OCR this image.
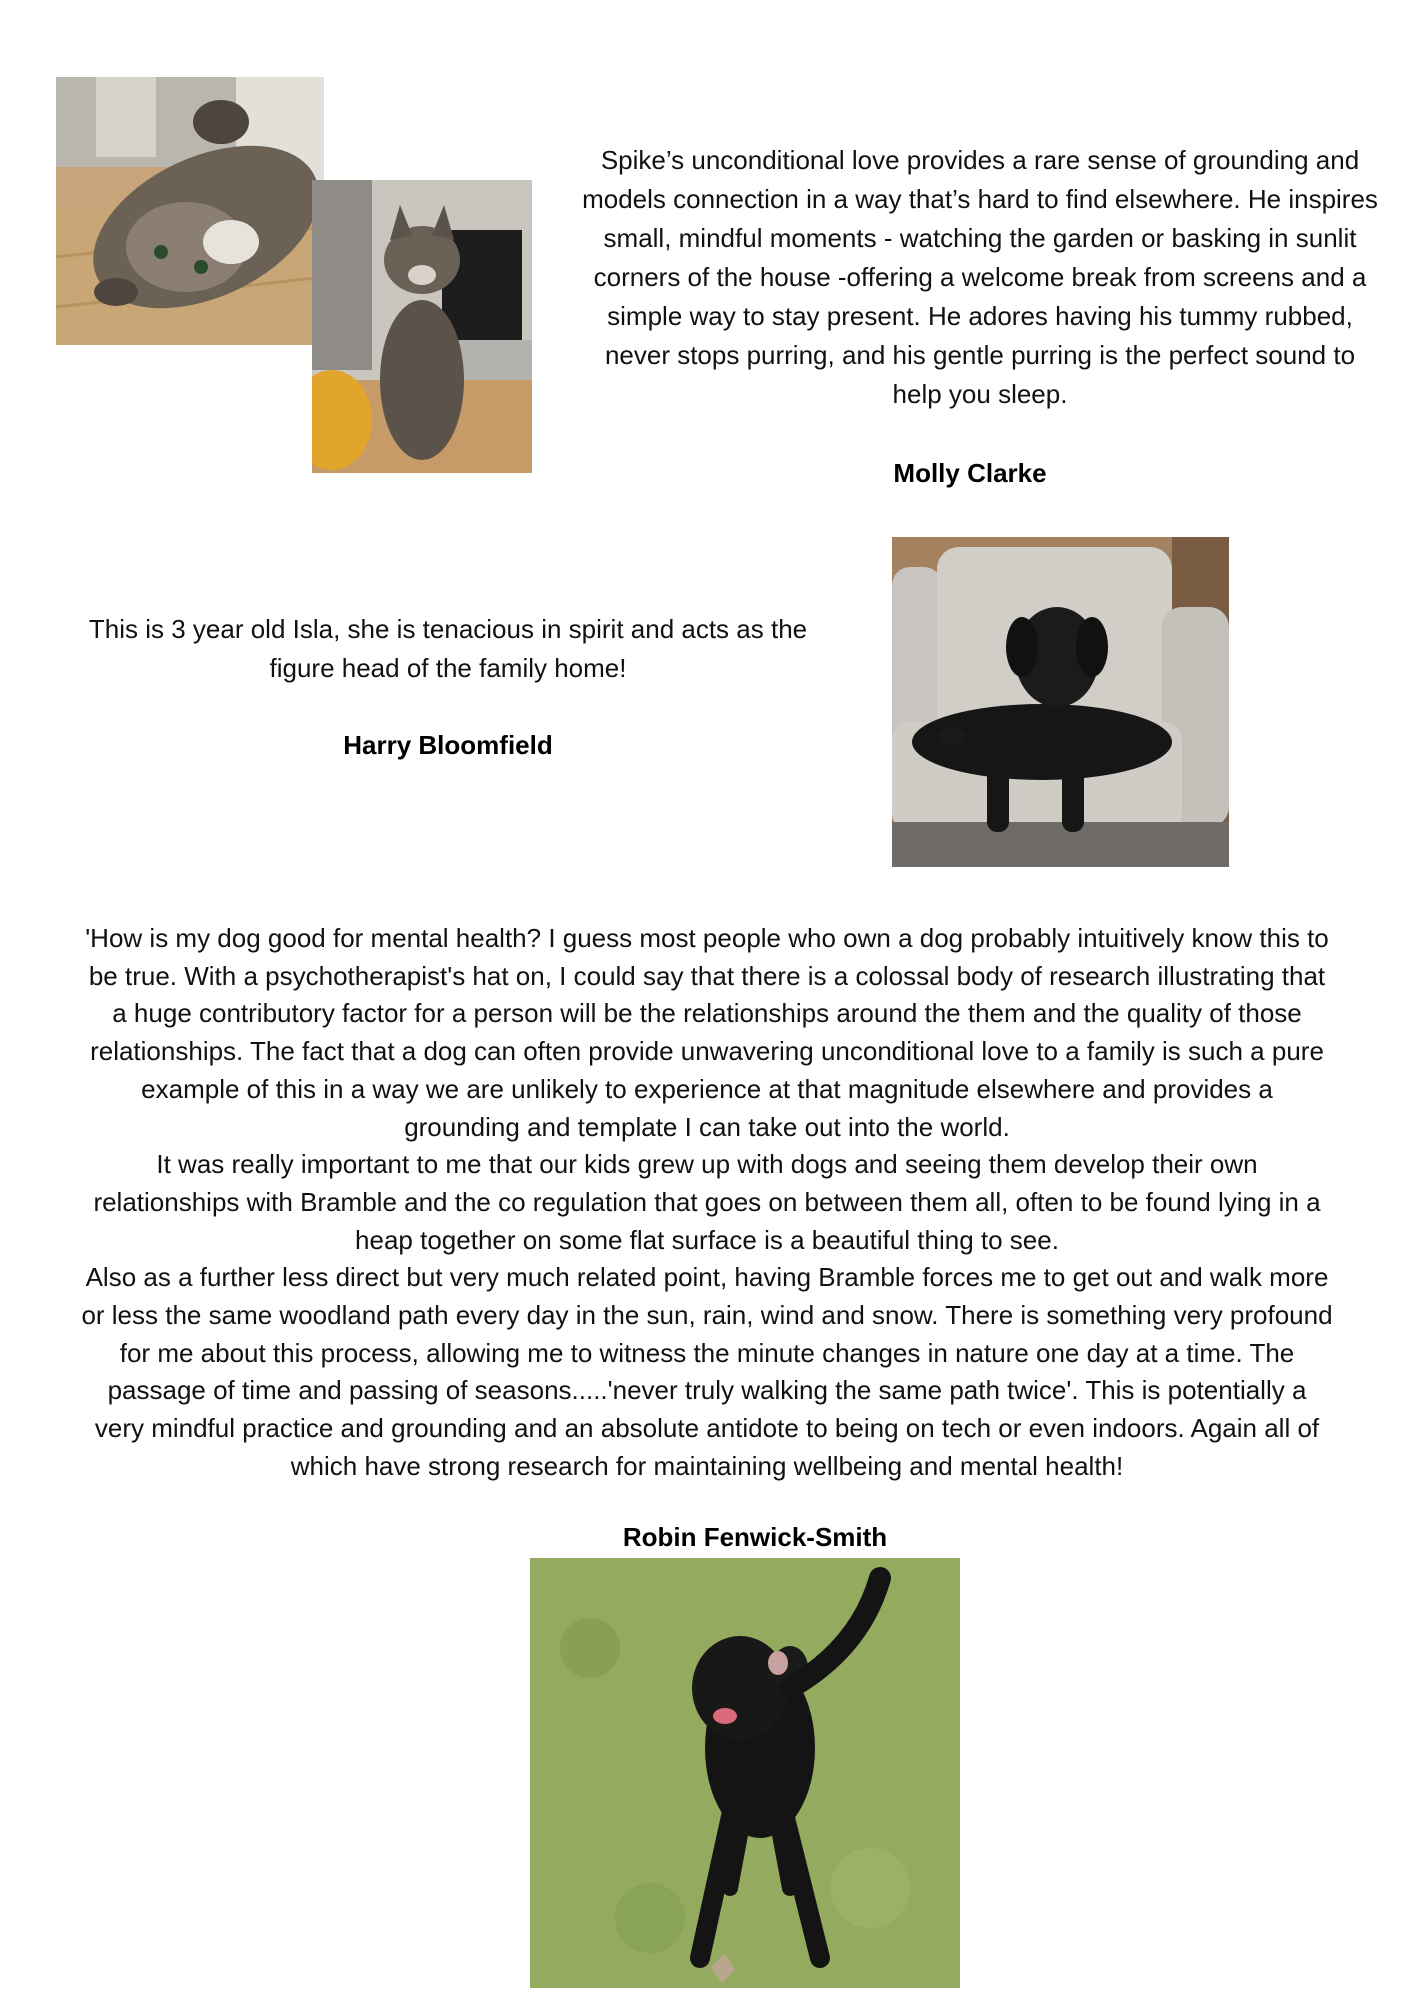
Spike’s unconditional love provides a rare sense of grounding and models connection in a way that’s hard to find elsewhere. He inspires small, mindful moments - watching the garden or basking in sunlit corners of the house -offering a welcome break from screens and a simple way to stay present. He adores having his tummy rubbed, never stops purring, and his gentle purring is the perfect sound to help you sleep.
Molly Clarke
This is 3 year old Isla, she is tenacious in spirit and acts as the figure head of the family home!
Harry Bloomfield

'How is my dog good for mental health? I guess most people who own a dog probably intuitively know this to be true. With a psychotherapist's hat on, I could say that there is a colossal body of research illustrating that a huge contributory factor for a person will be the relationships around the them and the quality of those relationships. The fact that a dog can often provide unwavering unconditional love to a family is such a pure example of this in a way we are unlikely to experience at that magnitude elsewhere and provides a grounding and template I can take out into the world.

It was really important to me that our kids grew up with dogs and seeing them develop their own relationships with Bramble and the co regulation that goes on between them all, often to be found lying in a heap together on some flat surface is a beautiful thing to see.

Also as a further less direct but very much related point, having Bramble forces me to get out and walk more or less the same woodland path every day in the sun, rain, wind and snow. There is something very profound for me about this process, allowing me to witness the minute changes in nature one day at a time. The passage of time and passing of seasons.....'never truly walking the same path twice'. This is potentially a very mindful practice and grounding and an absolute antidote to being on tech or even indoors. Again all of which have strong research for maintaining wellbeing and mental health!

Robin Fenwick-Smith
